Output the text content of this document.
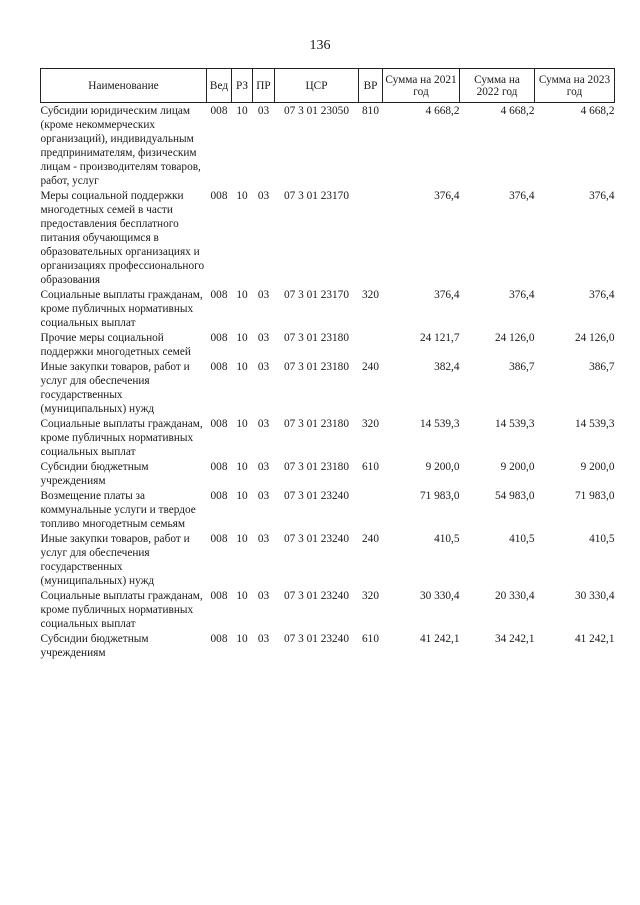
136
Наименование	Вед	РЗ	ПР	ЦСР	ВР	Сумма на 2021 год	Сумма на 2022 год	Сумма на 2023 год
Субсидии юридическим лицам (кроме некоммерческих организаций), индивидуальным предпринимателям, физическим лицам - производителям товаров, работ, услуг	008	10	03	07 3 01 23050	810	4 668,2	4 668,2	4 668,2
Меры социальной поддержки многодетных семей в части предоставления бесплатного питания обучающимся в образовательных организациях и организациях профессионального образования	008	10	03	07 3 01 23170		376,4	376,4	376,4
Социальные выплаты гражданам, кроме публичных нормативных социальных выплат	008	10	03	07 3 01 23170	320	376,4	376,4	376,4
Прочие меры социальной поддержки многодетных семей	008	10	03	07 3 01 23180		24 121,7	24 126,0	24 126,0
Иные закупки товаров, работ и услуг для обеспечения государственных (муниципальных) нужд	008	10	03	07 3 01 23180	240	382,4	386,7	386,7
Социальные выплаты гражданам, кроме публичных нормативных социальных выплат	008	10	03	07 3 01 23180	320	14 539,3	14 539,3	14 539,3
Субсидии бюджетным учреждениям	008	10	03	07 3 01 23180	610	9 200,0	9 200,0	9 200,0
Возмещение платы за коммунальные услуги и твердое топливо многодетным семьям	008	10	03	07 3 01 23240		71 983,0	54 983,0	71 983,0
Иные закупки товаров, работ и услуг для обеспечения государственных (муниципальных) нужд	008	10	03	07 3 01 23240	240	410,5	410,5	410,5
Социальные выплаты гражданам, кроме публичных нормативных социальных выплат	008	10	03	07 3 01 23240	320	30 330,4	20 330,4	30 330,4
Субсидии бюджетным учреждениям	008	10	03	07 3 01 23240	610	41 242,1	34 242,1	41 242,1
